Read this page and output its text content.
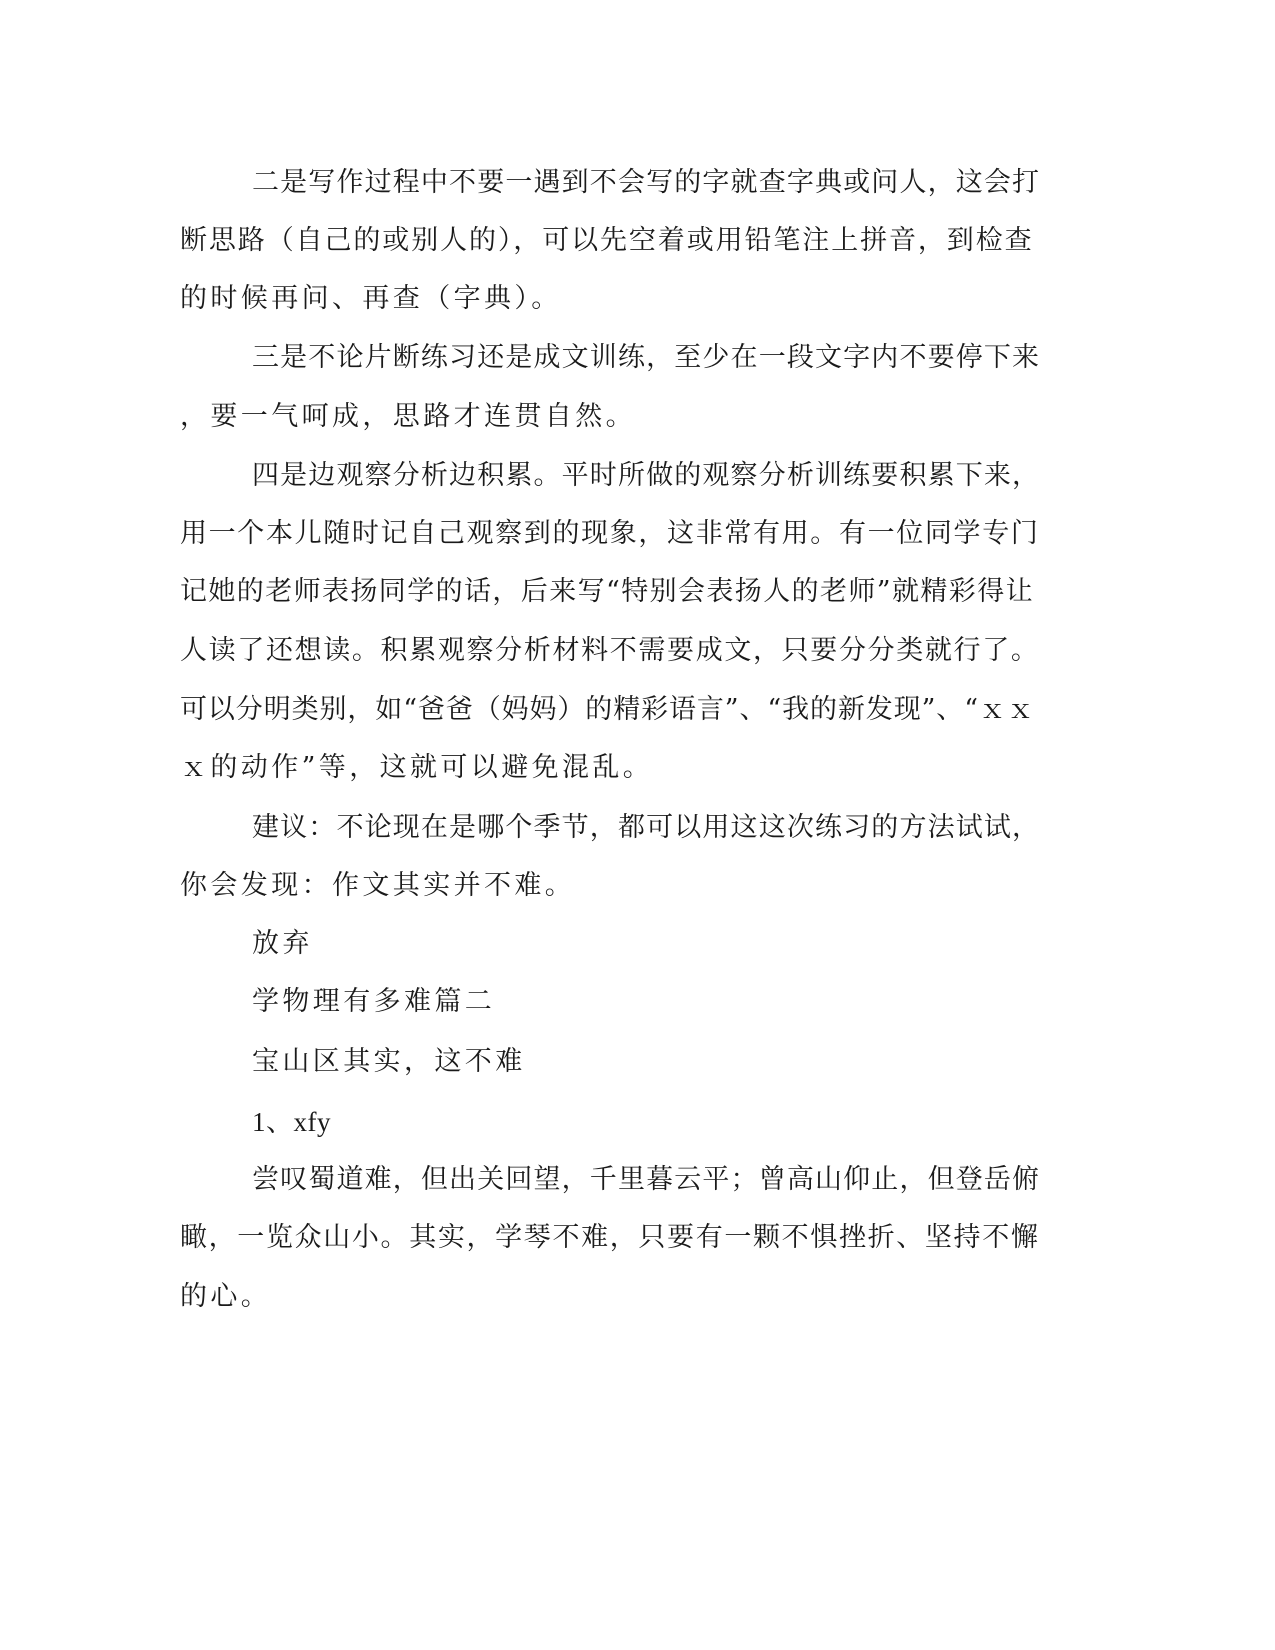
二是写作过程中不要一遇到不会写的字就查字典或问人，这会打
断思路（自己的或别人的），可以先空着或用铅笔注上拼音，到检查
的时候再问、再查（字典）。
三是不论片断练习还是成文训练，至少在一段文字内不要停下来
，要一气呵成，思路才连贯自然。
四是边观察分析边积累。平时所做的观察分析训练要积累下来，
用一个本儿随时记自己观察到的现象，这非常有用。有一位同学专门
记她的老师表扬同学的话，后来写“特别会表扬人的老师”就精彩得让
人读了还想读。积累观察分析材料不需要成文，只要分分类就行了。
可以分明类别，如“爸爸（妈妈）的精彩语言”、“我的新发现”、“ｘｘ
ｘ的动作”等，这就可以避免混乱。
建议：不论现在是哪个季节，都可以用这这次练习的方法试试，
你会发现：作文其实并不难。
放弃
学物理有多难篇二
宝山区其实，这不难
1、xfy
尝叹蜀道难，但出关回望，千里暮云平；曾高山仰止，但登岳俯
瞰，一览众山小。其实，学琴不难，只要有一颗不惧挫折、坚持不懈
的心。
